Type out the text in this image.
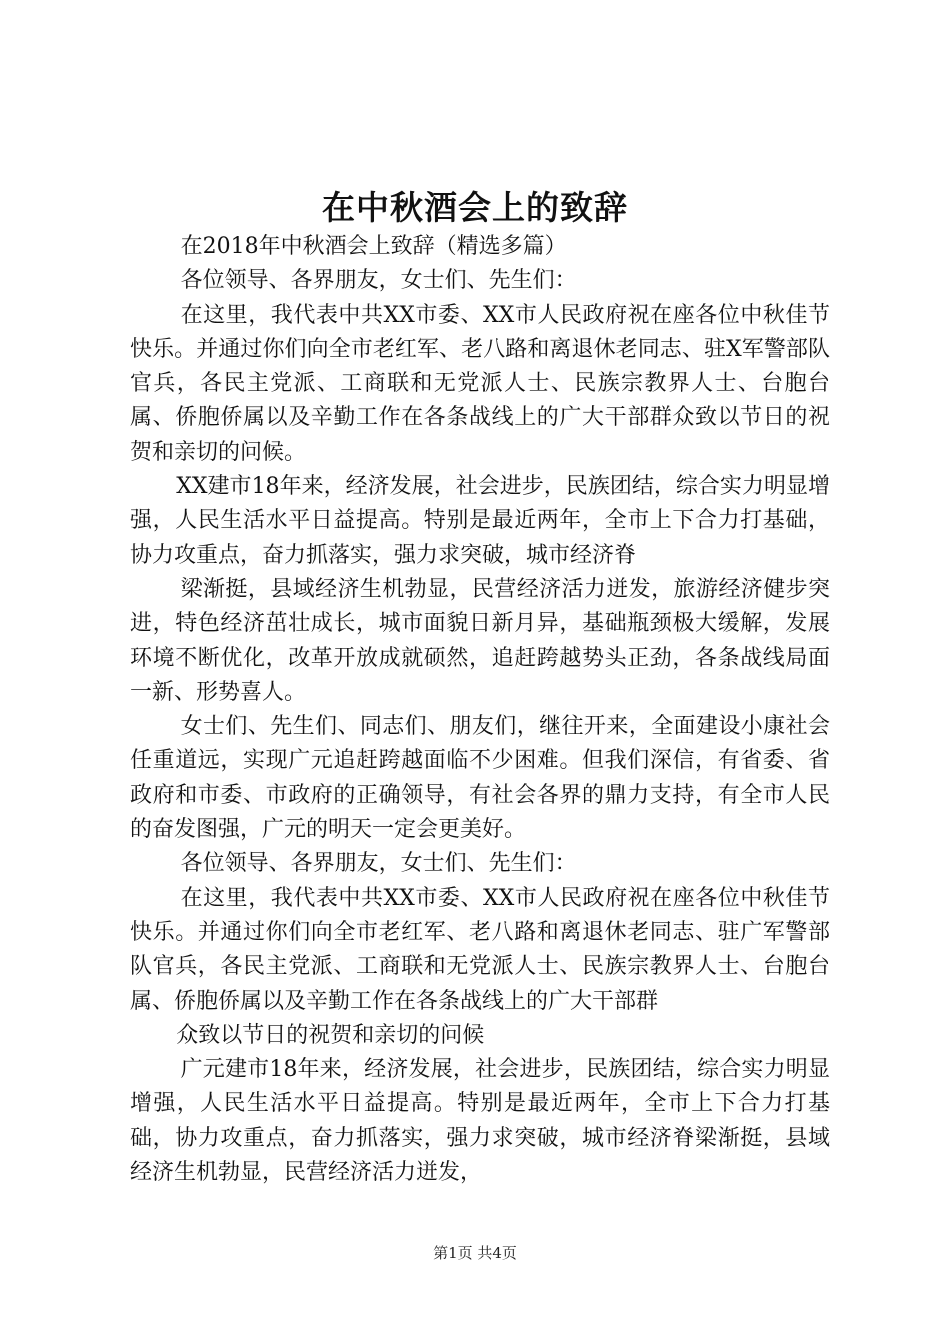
在中秋酒会上的致辞

在2018年中秋酒会上致辞（精选多篇）

各位领导、各界朋友，女士们、先生们：

在这里，我代表中共XX市委、XX市人民政府祝在座各位中秋佳节快乐。并通过你们向全市老红军、老八路和离退休老同志、驻X军警部队官兵，各民主党派、工商联和无党派人士、民族宗教界人士、台胞台属、侨胞侨属以及辛勤工作在各条战线上的广大干部群众致以节日的祝贺和亲切的问候。

XX建市18年来，经济发展，社会进步，民族团结，综合实力明显增强，人民生活水平日益提高。特别是最近两年，全市上下合力打基础，协力攻重点，奋力抓落实，强力求突破，城市经济脊

梁渐挺，县域经济生机勃显，民营经济活力迸发，旅游经济健步突进，特色经济茁壮成长，城市面貌日新月异，基础瓶颈极大缓解，发展环境不断优化，改革开放成就硕然，追赶跨越势头正劲，各条战线局面一新、形势喜人。

女士们、先生们、同志们、朋友们，继往开来，全面建设小康社会任重道远，实现广元追赶跨越面临不少困难。但我们深信，有省委、省政府和市委、市政府的正确领导，有社会各界的鼎力支持，有全市人民的奋发图强，广元的明天一定会更美好。

各位领导、各界朋友，女士们、先生们：

在这里，我代表中共XX市委、XX市人民政府祝在座各位中秋佳节快乐。并通过你们向全市老红军、老八路和离退休老同志、驻广军警部队官兵，各民主党派、工商联和无党派人士、民族宗教界人士、台胞台属、侨胞侨属以及辛勤工作在各条战线上的广大干部群

众致以节日的祝贺和亲切的问候

广元建市18年来，经济发展，社会进步，民族团结，综合实力明显增强，人民生活水平日益提高。特别是最近两年，全市上下合力打基础，协力攻重点，奋力抓落实，强力求突破，城市经济脊梁渐挺，县域经济生机勃显，民营经济活力迸发，

第1页 共4页
